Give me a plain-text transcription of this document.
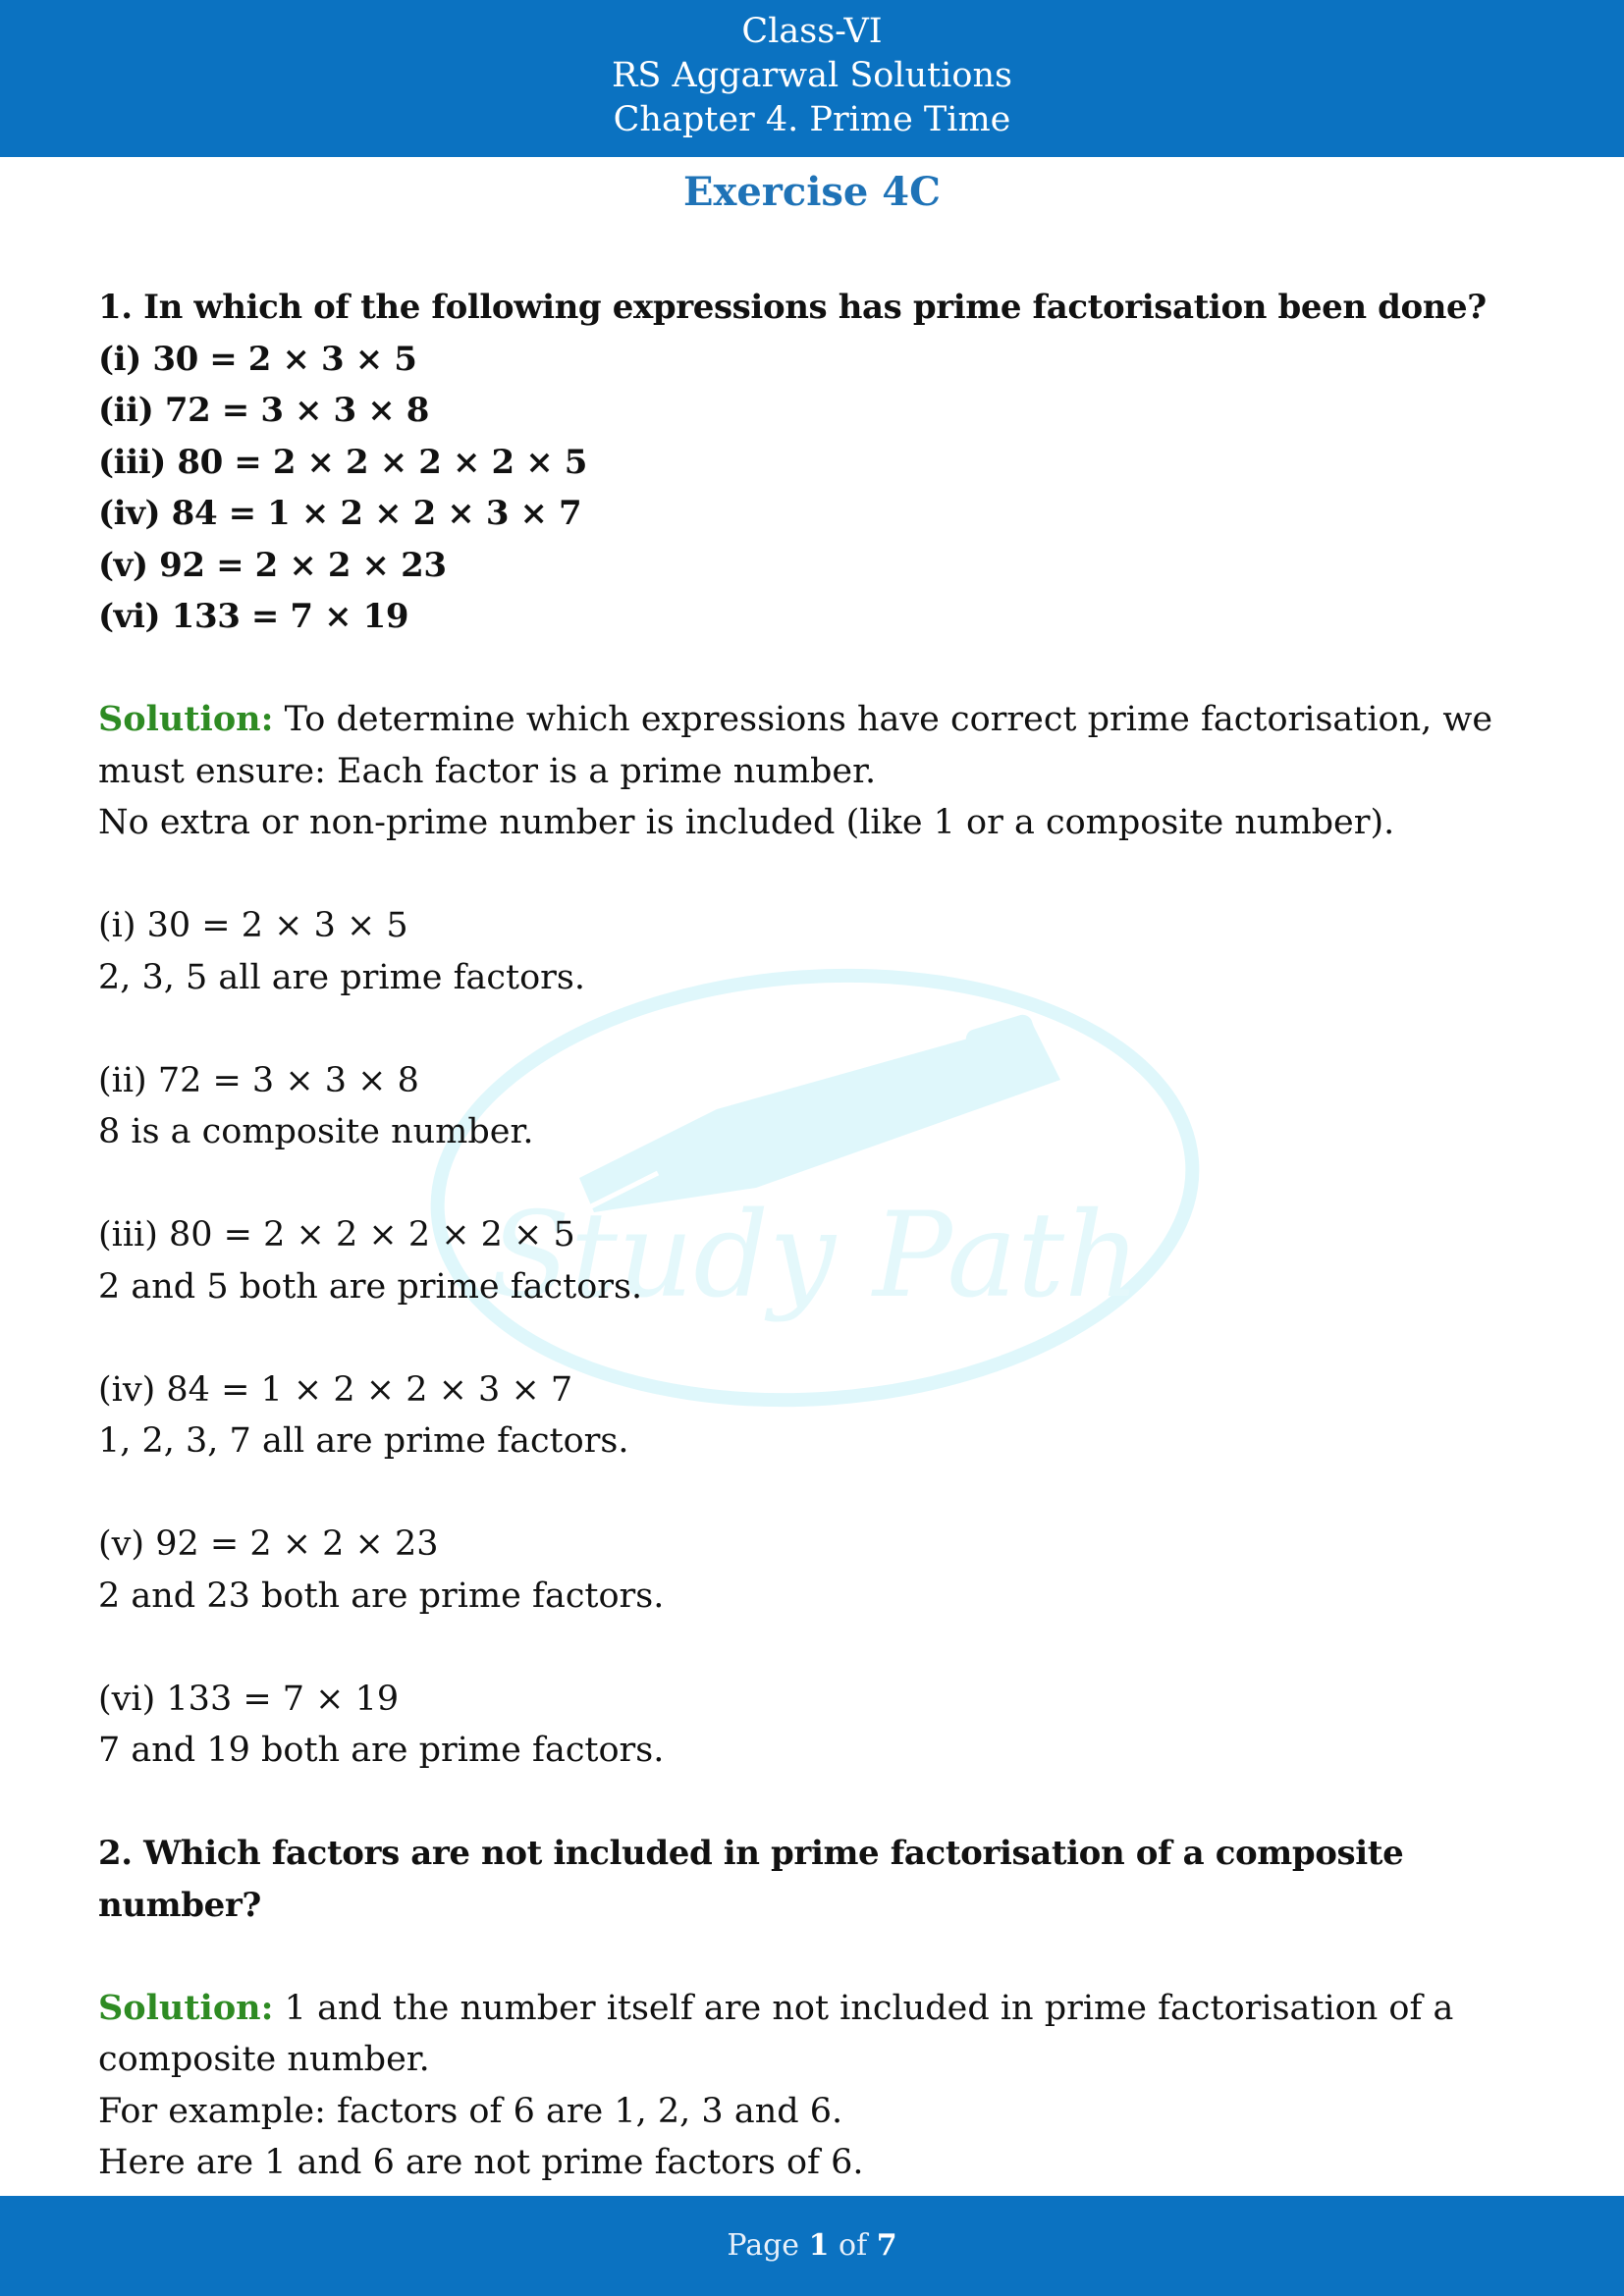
Class-VI
RS Aggarwal Solutions
Chapter 4. Prime Time
Exercise 4C
Study Path

1. In which of the following expressions has prime factorisation been done?

(i) 30 = 2 × 3 × 5

(ii) 72 = 3 × 3 × 8

(iii) 80 = 2 × 2 × 2 × 2 × 5

(iv) 84 = 1 × 2 × 2 × 3 × 7

(v) 92 = 2 × 2 × 23

(vi) 133 = 7 × 19

Solution: To determine which expressions have correct prime factorisation, we must ensure: Each factor is a prime number.

No extra or non-prime number is included (like 1 or a composite number).

(i) 30 = 2 × 3 × 5

2, 3, 5 all are prime factors.

(ii) 72 = 3 × 3 × 8

8 is a composite number.

(iii) 80 = 2 × 2 × 2 × 2 × 5

2 and 5 both are prime factors.

(iv) 84 = 1 × 2 × 2 × 3 × 7

1, 2, 3, 7 all are prime factors.

(v) 92 = 2 × 2 × 23

2 and 23 both are prime factors.

(vi) 133 = 7 × 19

7 and 19 both are prime factors.

2. Which factors are not included in prime factorisation of a composite number?

Solution: 1 and the number itself are not included in prime factorisation of a composite number.

For example: factors of 6 are 1, 2, 3 and 6.

Here are 1 and 6 are not prime factors of 6.

Page 1 of 7
